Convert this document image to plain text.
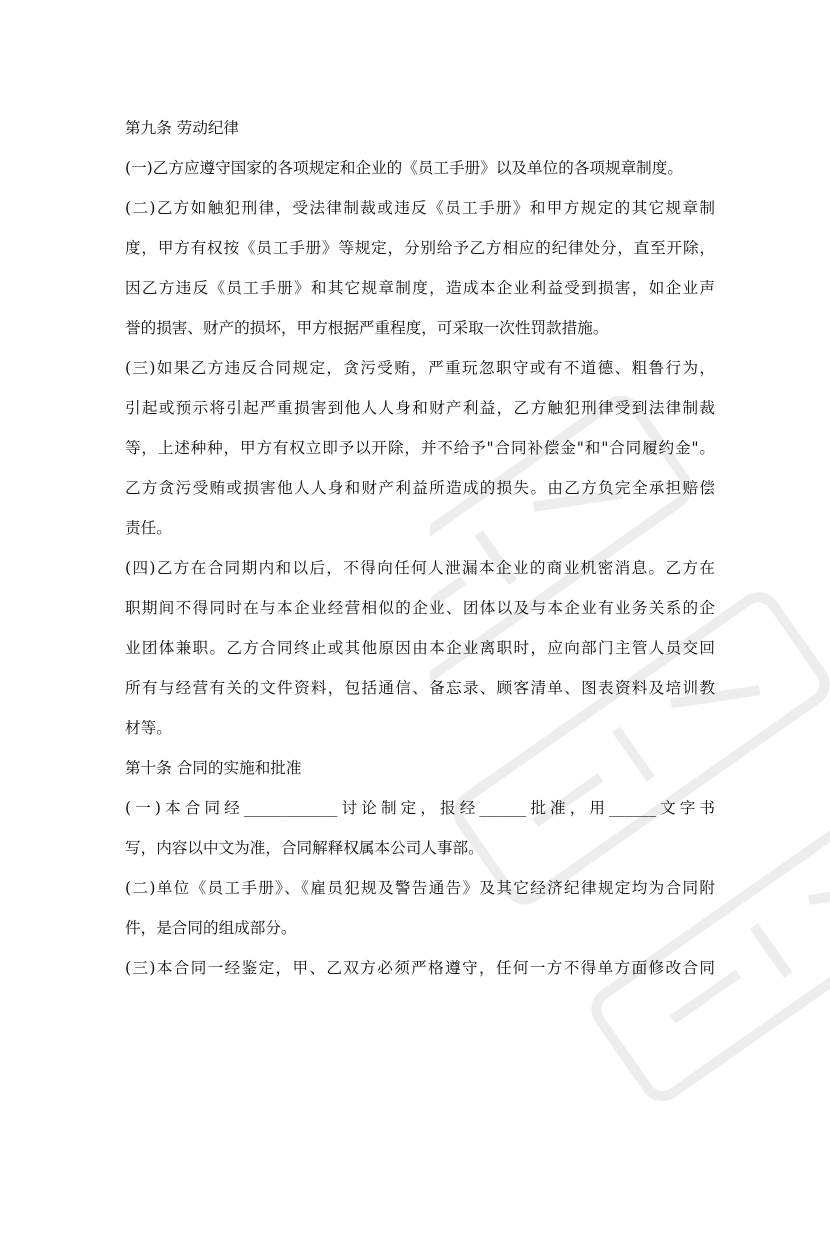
第九条 劳动纪律
(一)乙方应遵守国家的各项规定和企业的《员工手册》以及单位的各项规章制度。
(二)乙方如触犯刑律，受法律制裁或违反《员工手册》和甲方规定的其它规章制
度，甲方有权按《员工手册》等规定，分别给予乙方相应的纪律处分，直至开除，
因乙方违反《员工手册》和其它规章制度，造成本企业利益受到损害，如企业声
誉的损害、财产的损坏，甲方根据严重程度，可采取一次性罚款措施。
(三)如果乙方违反合同规定，贪污受贿，严重玩忽职守或有不道德、粗鲁行为，
引起或预示将引起严重损害到他人人身和财产利益，乙方触犯刑律受到法律制裁
等，上述种种，甲方有权立即予以开除，并不给予"合同补偿金"和"合同履约金"。
乙方贪污受贿或损害他人人身和财产利益所造成的损失。由乙方负完全承担赔偿
责任。
(四)乙方在合同期内和以后，不得向任何人泄漏本企业的商业机密消息。乙方在
职期间不得同时在与本企业经营相似的企业、团体以及与本企业有业务关系的企
业团体兼职。乙方合同终止或其他原因由本企业离职时，应向部门主管人员交回
所有与经营有关的文件资料，包括通信、备忘录、顾客清单、图表资料及培训教
材等。
第十条 合同的实施和批准
(一)本合同经____________讨论制定，报经______批准，用______文字书
写，内容以中文为准，合同解释权属本公司人事部。
(二)单位《员工手册》、《雇员犯规及警告通告》及其它经济纪律规定均为合同附
件，是合同的组成部分。
(三)本合同一经鉴定，甲、乙双方必须严格遵守，任何一方不得单方面修改合同
